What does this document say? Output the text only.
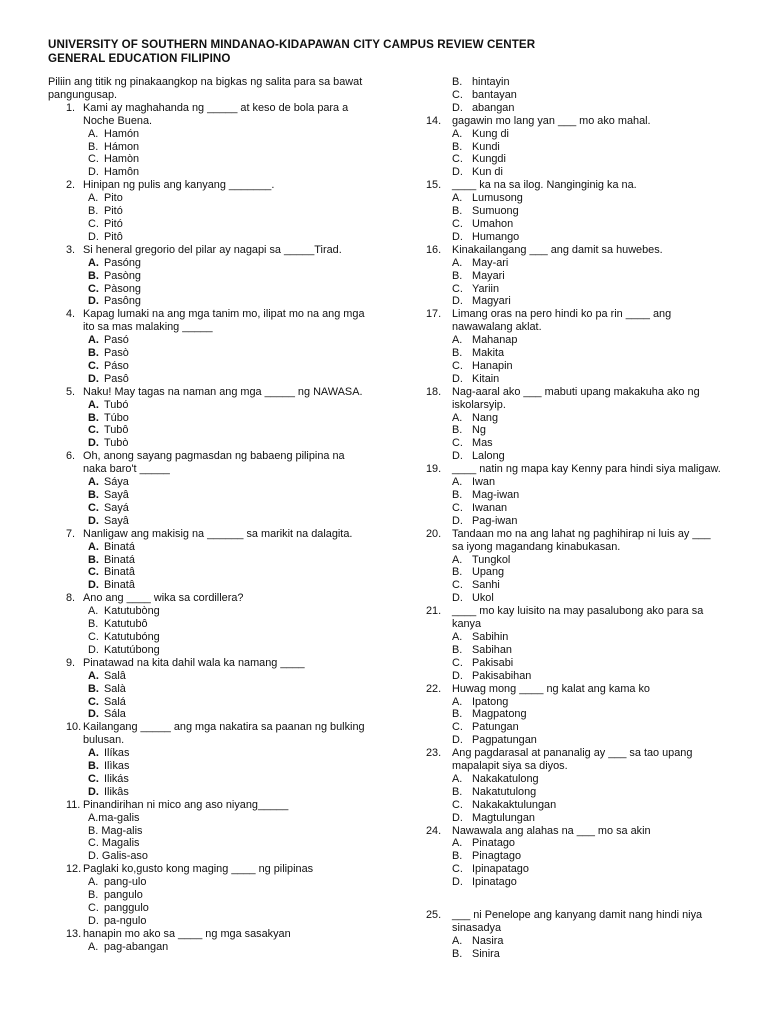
UNIVERSITY OF SOUTHERN MINDANAO-KIDAPAWAN CITY CAMPUS REVIEW CENTER
GENERAL EDUCATION FILIPINO
Piliin ang titik ng pinakaangkop na bigkas ng salita para sa bawat pangungusap.
1. Kami ay maghahanda ng _____ at keso de bola para a Noche Buena.
A. Hamón
B. Hámon
C. Hamòn
D. Hamôn
2. Hinipan ng pulis ang kanyang _______.
A. Pito
B. Pitó
C. Pitó
D. Pitô
3. Si heneral gregorio del pilar ay nagapi sa _____Tirad.
A. Pasóng
B. Pasòng
C. Pàsong
D. Pasông
4. Kapag lumaki na ang mga tanim mo, ilipat mo na ang mga ito sa mas malaking _____
A. Pasó
B. Pasò
C. Páso
D. Pasô
5. Naku! May tagas na naman ang mga _____ ng NAWASA.
A. Tubó
B. Túbo
C. Tubô
D. Tubò
6. Oh, anong sayang pagmasdan ng babaeng pilipina na naka baro't _____
A. Sáya
B. Sayâ
C. Sayá
D. Sayâ
7. Nanligaw ang makisig na ______ sa marikit na dalagita.
A. Binatá
B. Binatá
C. Binatâ
D. Binatâ
8. Ano ang ____ wika sa cordillera?
A. Katutubòng
B. Katutubô
C. Katutubóng
D. Katutúbong
9. Pinatawad na kita dahil wala ka namang ____
A. Salâ
B. Salà
C. Salá
D. Sála
10. Kailangang _____ ang mga nakatira sa paanan ng bulking bulusan.
A. Ilíkas
B. Ilìkas
C. Ilikás
D. Ilikâs
11. Pinandirihan ni mico ang aso niyang_____
A.ma-galis
B. Mag-alis
C. Magalis
D. Galis-aso
12. Paglaki ko,gusto kong maging ____ ng pilipinas
A. pang-ulo
B. pangulo
C. panggulo
D. pa-ngulo
13. hanapin mo ako sa ____ ng mga sasakyan
A. pag-abangan
B. hintayin
C. bantayan
D. abangan
14. gagawin mo lang yan ___ mo ako mahal.
A. Kung di
B. Kundi
C. Kungdi
D. Kun di
15. ____ ka na sa ilog. Nanginginig ka na.
A. Lumusong
B. Sumuong
C. Umahon
D. Humango
16. Kinakailangang ___ ang damit sa huwebes.
A. May-ari
B. Mayari
C. Yariin
D. Magyari
17. Limang oras na pero hindi ko pa rin ____ ang nawawalang aklat.
A. Mahanap
B. Makita
C. Hanapin
D. Kitain
18. Nag-aaral ako ___ mabuti upang makakuha ako ng iskolarsyip.
A. Nang
B. Ng
C. Mas
D. Lalong
19. ____ natin ng mapa kay Kenny para hindi siya maligaw.
A. Iwan
B. Mag-iwan
C. Iwanan
D. Pag-iwan
20. Tandaan mo na ang lahat ng paghihirap ni luis ay ___ sa iyong magandang kinabukasan.
A. Tungkol
B. Upang
C. Sanhi
D. Ukol
21. ____ mo kay luisito na may pasalubong ako para sa kanya
A. Sabihin
B. Sabihan
C. Pakisabi
D. Pakisabihan
22. Huwag mong ____ ng kalat ang kama ko
A. Ipatong
B. Magpatong
C. Patungan
D. Pagpatungan
23. Ang pagdarasal at pananalig ay ___ sa tao upang mapalapit siya sa diyos.
A. Nakakatulong
B. Nakatutulong
C. Nakakaktulungan
D. Magtulungan
24. Nawawala ang alahas na ___ mo sa akin
A. Pinatago
B. Pinagtago
C. Ipinapatago
D. Ipinatago
25. ___ ni Penelope ang kanyang damit nang hindi niya sinasadya
A. Nasira
B. Sinira
